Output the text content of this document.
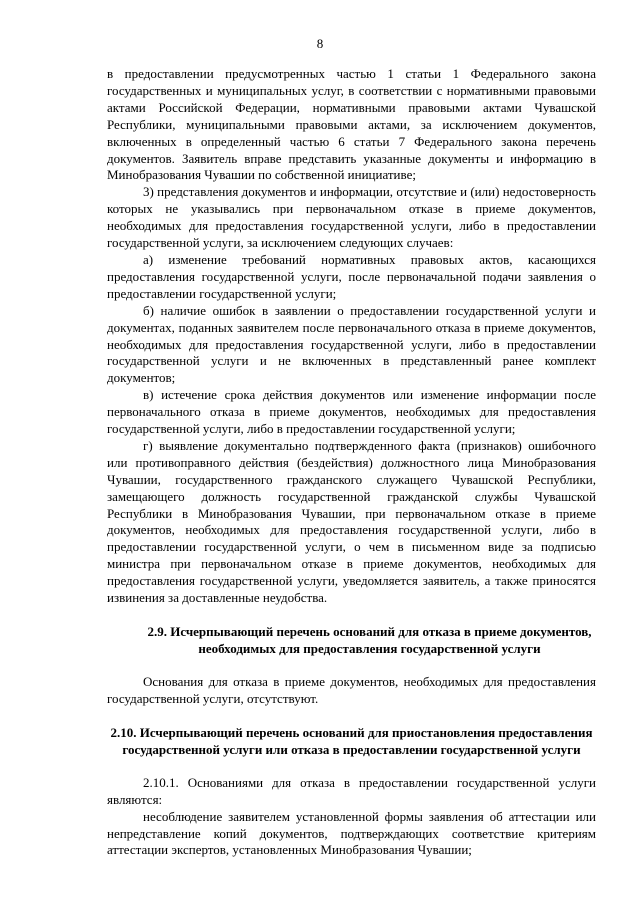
8

в предоставлении предусмотренных частью 1 статьи 1 Федерального закона государственных и муниципальных услуг, в соответствии с нормативными правовыми актами Российской Федерации, нормативными правовыми актами Чувашской Республики, муниципальными правовыми актами, за исключением документов, включенных в определенный частью 6 статьи 7 Федерального закона перечень документов. Заявитель вправе представить указанные документы и информацию в Минобразования Чувашии по собственной инициативе;

3) представления документов и информации, отсутствие и (или) недостоверность которых не указывались при первоначальном отказе в приеме документов, необходимых для предоставления государственной услуги, либо в предоставлении государственной услуги, за исключением следующих случаев:

а) изменение требований нормативных правовых актов, касающихся предоставления государственной услуги, после первоначальной подачи заявления о предоставлении государственной услуги;

б) наличие ошибок в заявлении о предоставлении государственной услуги и документах, поданных заявителем после первоначального отказа в приеме документов, необходимых для предоставления государственной услуги, либо в предоставлении государственной услуги и не включенных в представленный ранее комплект документов;

в) истечение срока действия документов или изменение информации после первоначального отказа в приеме документов, необходимых для предоставления государственной услуги, либо в предоставлении государственной услуги;

г) выявление документально подтвержденного факта (признаков) ошибочного или противоправного действия (бездействия) должностного лица Минобразования Чувашии, государственного гражданского служащего Чувашской Республики, замещающего должность государственной гражданской службы Чувашской Республики в Минобразования Чувашии, при первоначальном отказе в приеме документов, необходимых для предоставления государственной услуги, либо в предоставлении государственной услуги, о чем в письменном виде за подписью министра при первоначальном отказе в приеме документов, необходимых для предоставления государственной услуги, уведомляется заявитель, а также приносятся извинения за доставленные неудобства.

2.9. Исчерпывающий перечень оснований для отказа в приеме документов, необходимых для предоставления государственной услуги

Основания для отказа в приеме документов, необходимых для предоставления государственной услуги, отсутствуют.

2.10. Исчерпывающий перечень оснований для приостановления предоставления государственной услуги или отказа в предоставлении государственной услуги

2.10.1. Основаниями для отказа в предоставлении государственной услуги являются:

несоблюдение заявителем установленной формы заявления об аттестации или непредставление копий документов, подтверждающих соответствие критериям аттестации экспертов, установленных Минобразования Чувашии;
